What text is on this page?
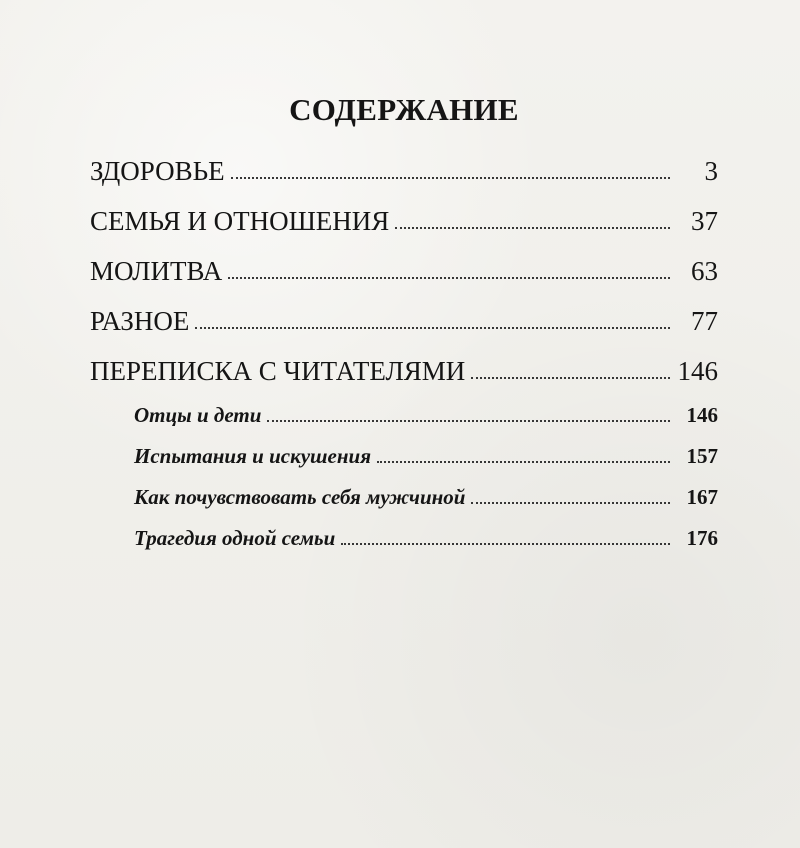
СОДЕРЖАНИЕ
ЗДОРОВЬЕ	3
СЕМЬЯ И ОТНОШЕНИЯ	37
МОЛИТВА	63
РАЗНОЕ	77
ПЕРЕПИСКА С ЧИТАТЕЛЯМИ	146
Отцы и дети	146
Испытания и искушения	157
Как почувствовать себя мужчиной	167
Трагедия одной семьи	176
